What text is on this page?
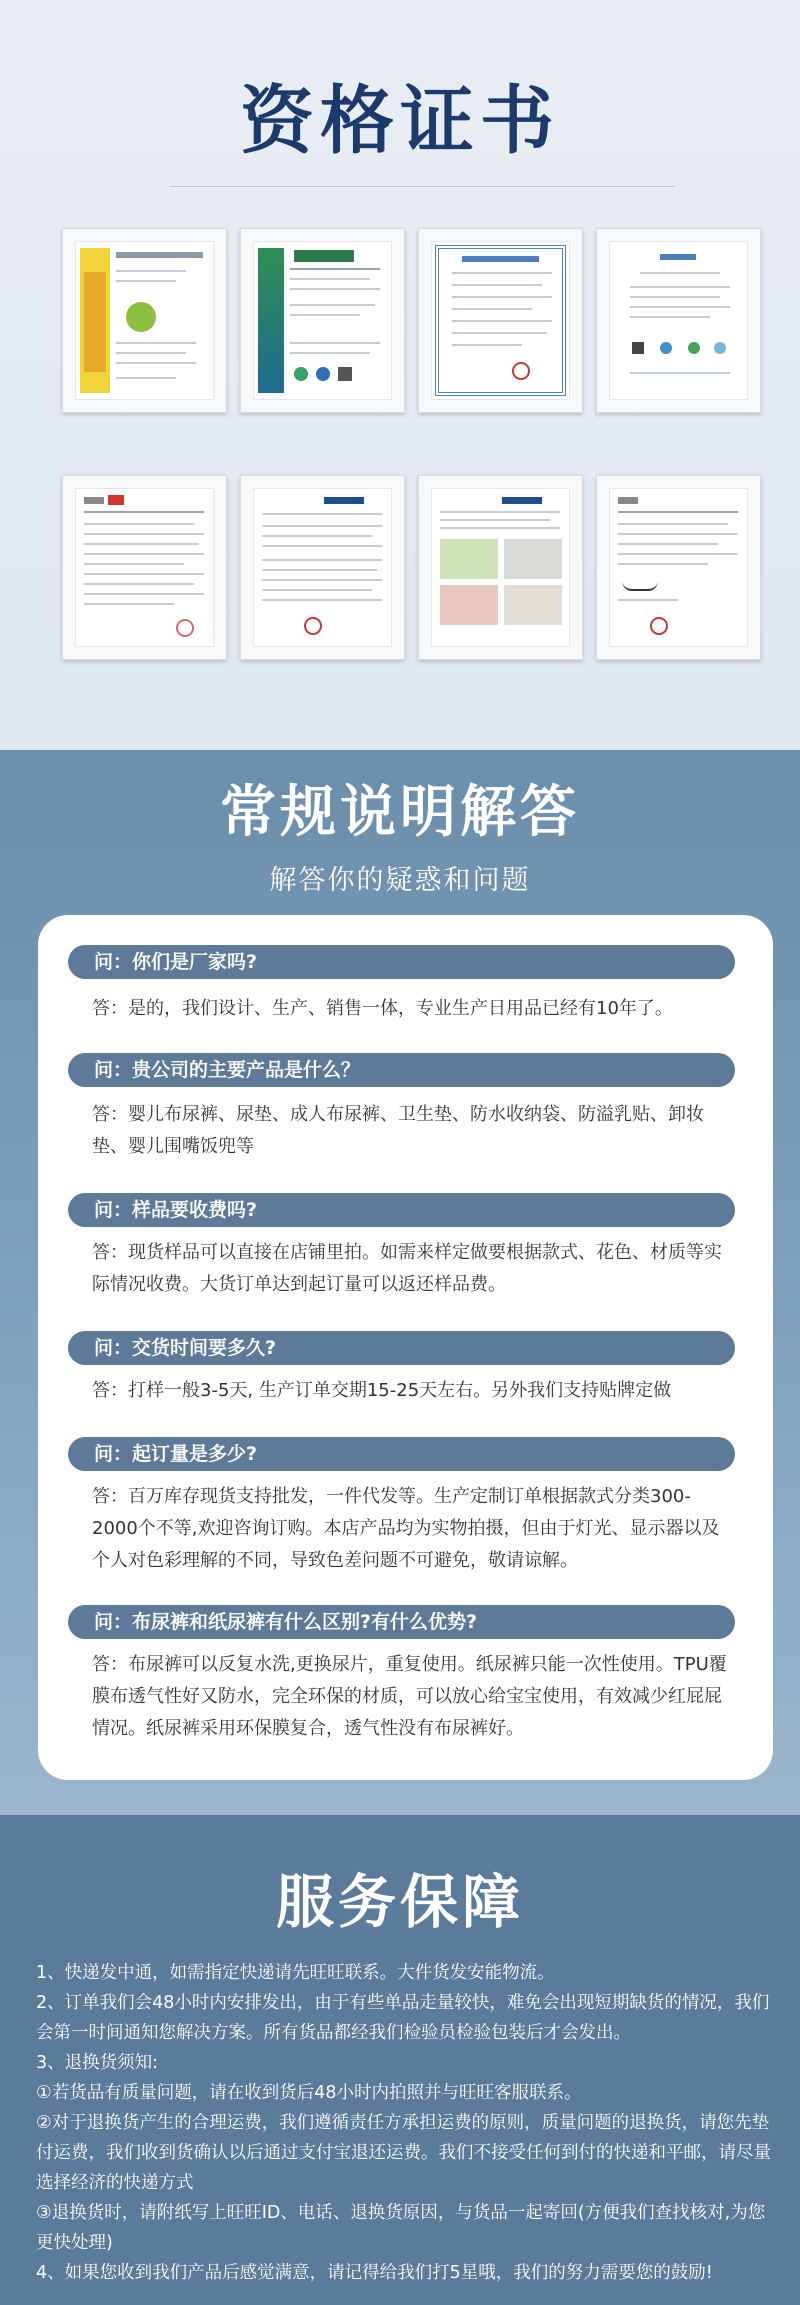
资格证书
常规说明解答
解答你的疑惑和问题
问：你们是厂家吗?
答：是的，我们设计、生产、销售一体，专业生产日用品已经有10年了。
问：贵公司的主要产品是什么？
答：婴儿布尿裤、尿垫、成人布尿裤、卫生垫、防水收纳袋、防溢乳贴、卸妆垫、婴儿围嘴饭兜等
问：样品要收费吗?
答：现货样品可以直接在店铺里拍。如需来样定做要根据款式、花色、材质等实际情况收费。大货订单达到起订量可以返还样品费。
问：交货时间要多久?
答：打样一般3-5天, 生产订单交期15-25天左右。另外我们支持贴牌定做
问：起订量是多少?
答：百万库存现货支持批发，一件代发等。生产定制订单根据款式分类300-2000个不等,欢迎咨询订购。本店产品均为实物拍摄，但由于灯光、显示器以及个人对色彩理解的不同，导致色差问题不可避免，敬请谅解。
问：布尿裤和纸尿裤有什么区别?有什么优势?
答：布尿裤可以反复水洗,更换尿片，重复使用。纸尿裤只能一次性使用。TPU覆膜布透气性好又防水，完全环保的材质，可以放心给宝宝使用，有效减少红屁屁情况。纸尿裤采用环保膜复合，透气性没有布尿裤好。
服务保障

1、快递发中通，如需指定快递请先旺旺联系。大件货发安能物流。

2、订单我们会48小时内安排发出，由于有些单品走量较快，难免会出现短期缺货的情况，我们会第一时间通知您解决方案。所有货品都经我们检验员检验包装后才会发出。

3、退换货须知:

①若货品有质量问题，请在收到货后48小时内拍照并与旺旺客服联系。

②对于退换货产生的合理运费，我们遵循责任方承担运费的原则，质量问题的退换货，请您先垫付运费，我们收到货确认以后通过支付宝退还运费。我们不接受任何到付的快递和平邮，请尽量选择经济的快递方式

③退换货时，请附纸写上旺旺ID、电话、退换货原因，与货品一起寄回(方便我们查找核对,为您更快处理)

4、如果您收到我们产品后感觉满意，请记得给我们打5星哦，我们的努力需要您的鼓励!
